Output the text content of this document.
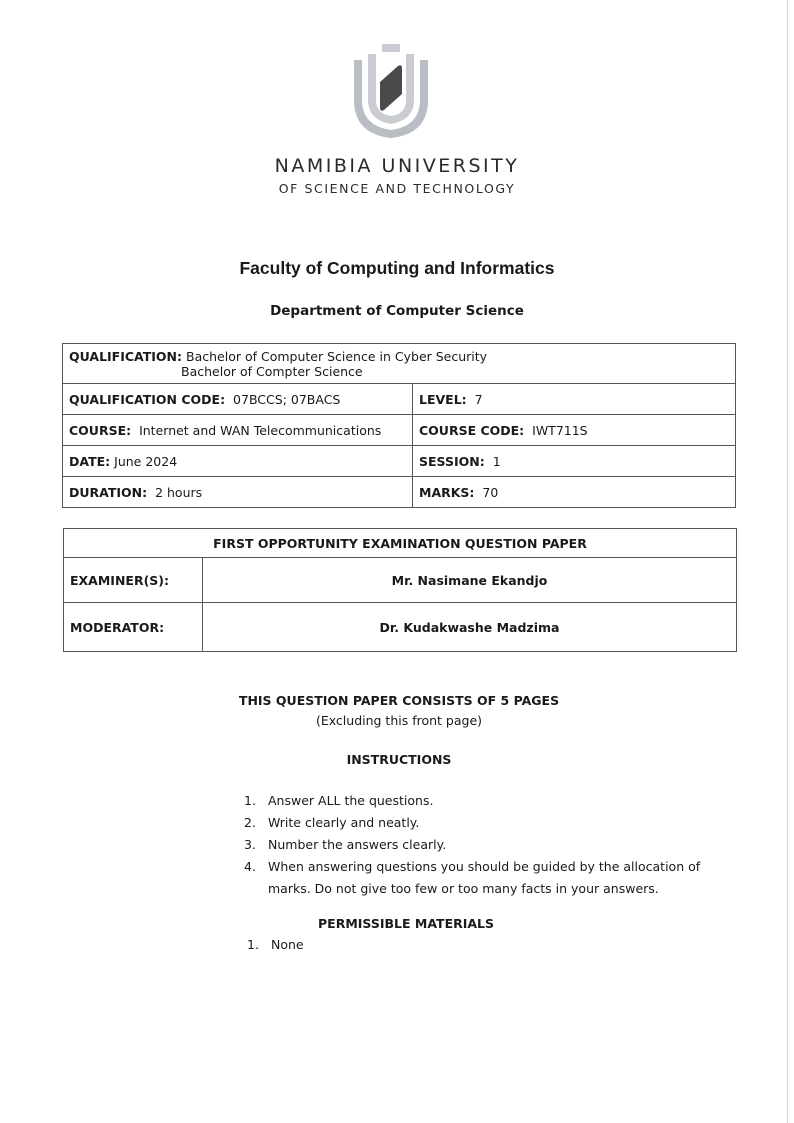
NAMIBIA UNIVERSITY
OF SCIENCE AND TECHNOLOGY
Faculty of Computing and Informatics
Department of Computer Science
QUALIFICATION: Bachelor of Computer Science in Cyber Security
Bachelor of Compter Science	

QUALIFICATION CODE: 07BCCS; 07BACS	LEVEL: 7
COURSE: Internet and WAN Telecommunications	COURSE CODE: IWT711S
DATE: June 2024	SESSION: 1
DURATION: 2 hours	MARKS: 70
FIRST OPPORTUNITY EXAMINATION QUESTION PAPER	
EXAMINER(S):	Mr. Nasimane Ekandjo
MODERATOR:	Dr. Kudakwashe Madzima
THIS QUESTION PAPER CONSISTS OF 5 PAGES
(Excluding this front page)
INSTRUCTIONS
1. Answer ALL the questions.
2. Write clearly and neatly.
3. Number the answers clearly.
4. When answering questions you should be guided by the allocation of marks. Do not give too few or too many facts in your answers.
PERMISSIBLE MATERIALS
1. None
